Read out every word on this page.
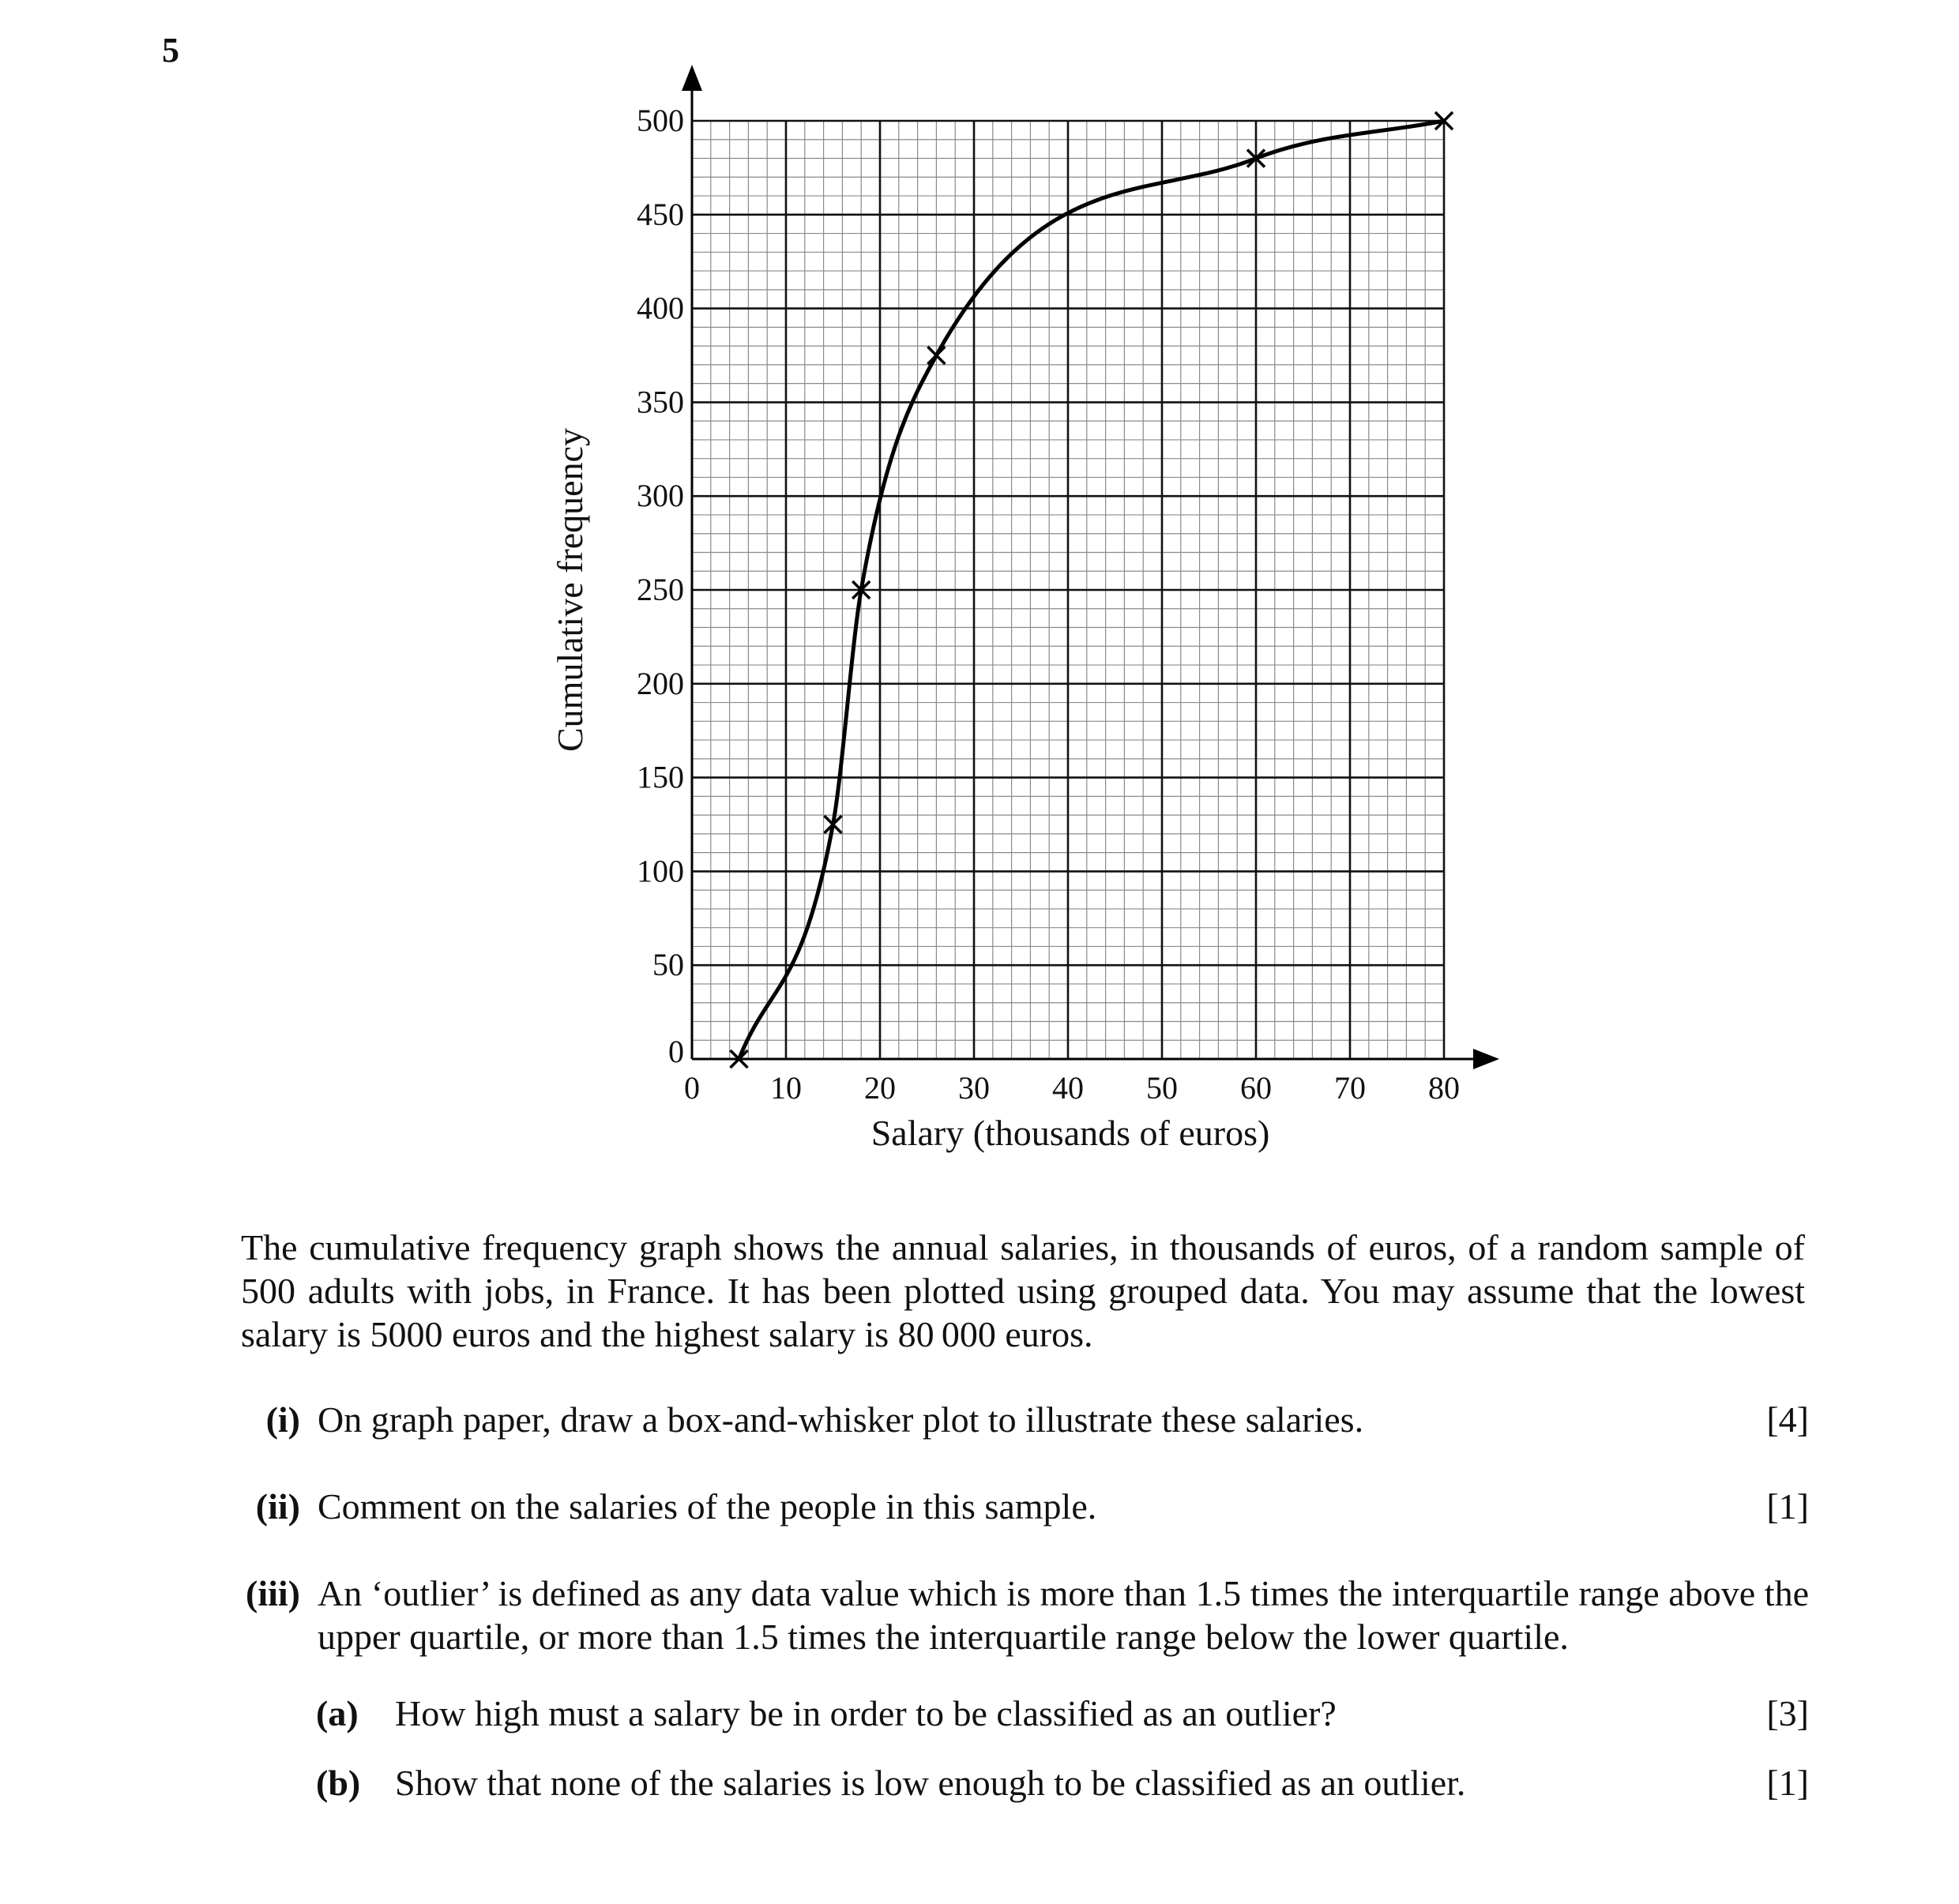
5
0 10 20 30 40 50 60 70 80
0
50
100
150
200
250
300
350
400
450
500
Salary (thousands of euros)
Cumulative frequency
The cumulative frequency graph shows the annual salaries, in thousands of euros, of a random sample of 500 adults with jobs, in France. It has been plotted using grouped data. You may assume that the lowest salary is 5000 euros and the highest salary is 80 000 euros.
(i) On graph paper, draw a box-and-whisker plot to illustrate these salaries.	[4]
(ii) Comment on the salaries of the people in this sample.	[1]
(iii) An ‘outlier’ is defined as any data value which is more than 1.5 times the interquartile range above the upper quartile, or more than 1.5 times the interquartile range below the lower quartile.
(a) How high must a salary be in order to be classified as an outlier?	[3]
(b) Show that none of the salaries is low enough to be classified as an outlier.	[1]
